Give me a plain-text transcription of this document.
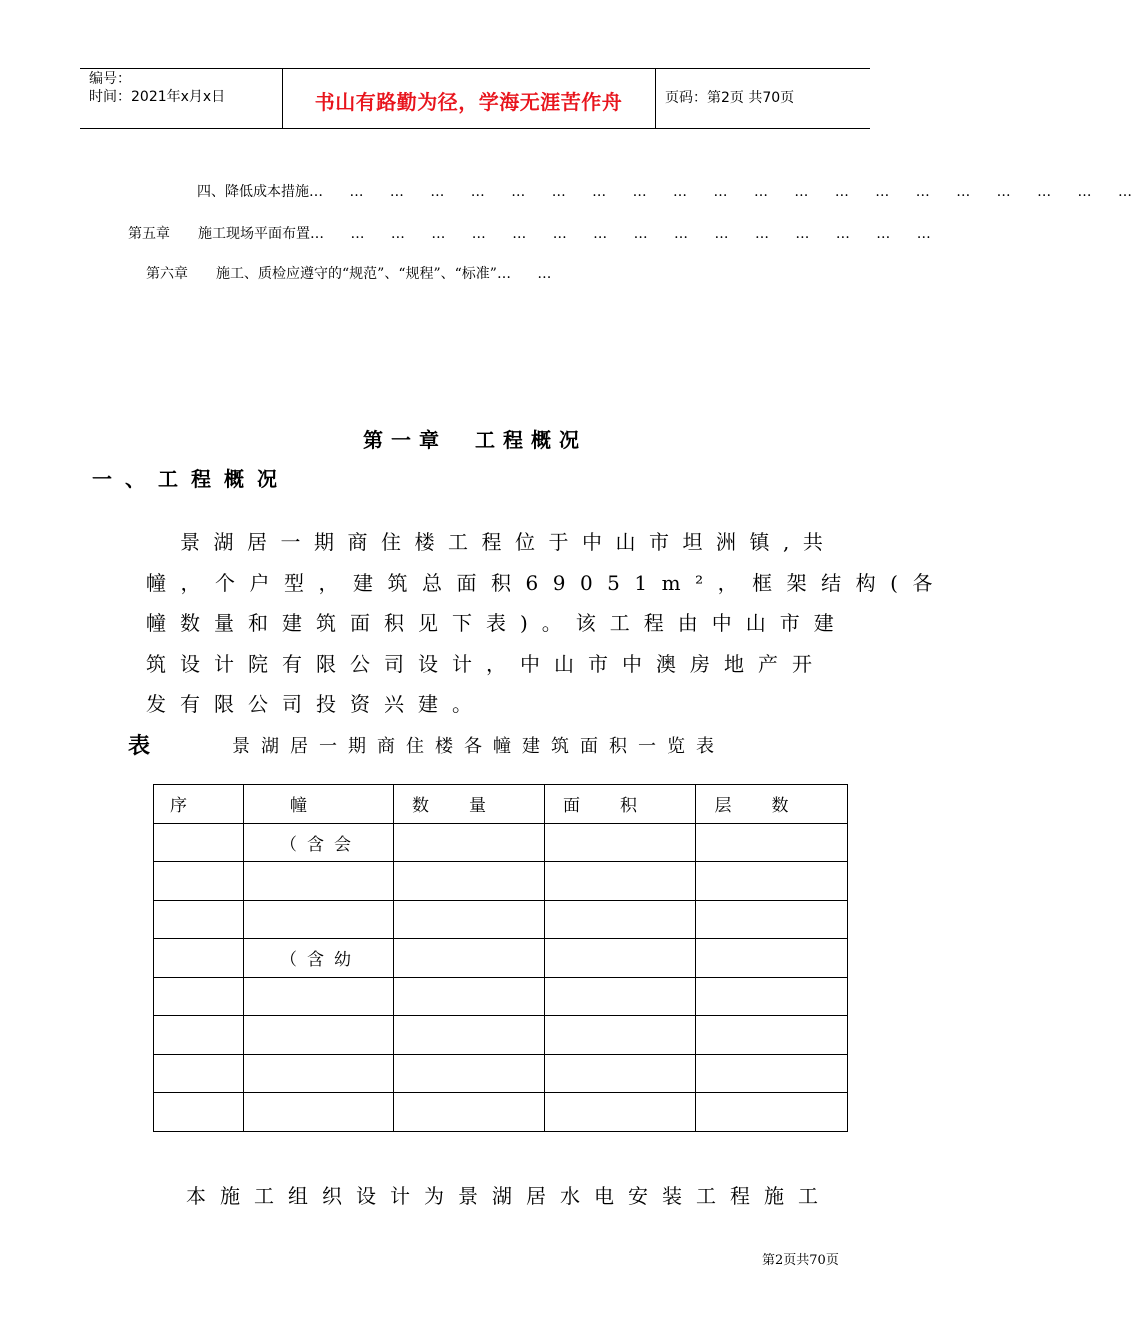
编号：
时间：2021年x月x日	书山有路勤为径，学海无涯苦作舟	页码：第2页 共70页
四、降低成本措施… … … … … … … … … … … … … … … … … … … … …
第五章　　施工现场平面布置… … … … … … … … … … … … … … … …
第六章　　施工、质检应遵守的“规范”、“规程”、“标准”… …
第一章　工程概况
一、工程概况
景湖居一期商住楼工程位于中山市坦洲镇,共
幢，个户型，建筑总面积69051m²，框架结构(各
幢数量和建筑面积见下表)。该工程由中山市建
筑设计院有限公司设计，中山市中澳房地产开
发有限公司投资兴建。
表	景湖居一期商住楼各幢建筑面积一览表
序	幢	数量	面积	层数
	（含会			

	（含幼			

本施工组织设计为景湖居水电安装工程施工
第2页共70页
